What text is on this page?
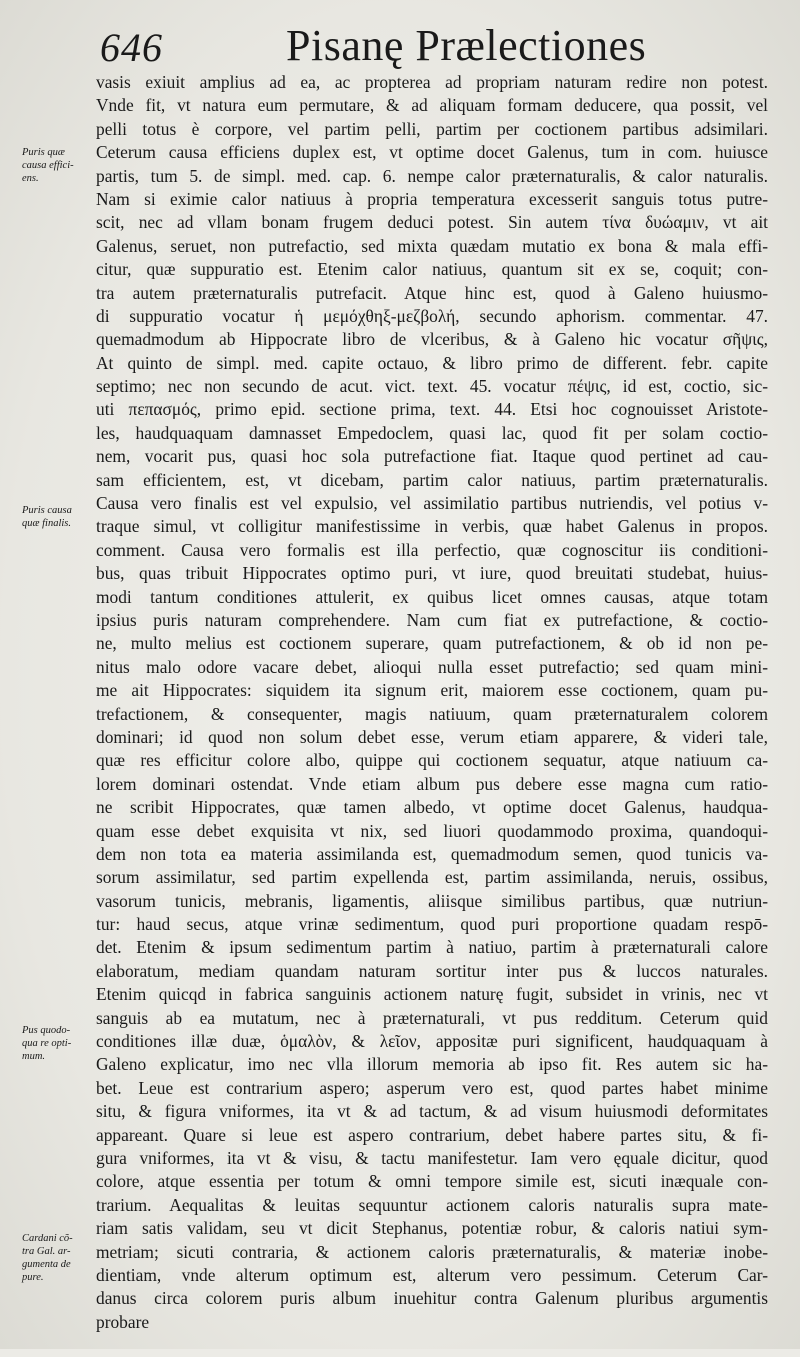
646	Pisanę Prælectiones
Puris quæ
causa effici-
ens.
Puris causa
quæ finalis.
Pus quodo-
qua re opti-
mum.
Cardani cõ-
tra Gal. ar-
gumenta de
pure.
vasis exiuit amplius ad ea, ac propterea ad propriam naturam redire non potest.
Vnde fit, vt natura eum permutare, & ad aliquam formam deducere, qua possit, vel
pelli totus è corpore, vel partim pelli, partim per coctionem partibus adsimilari.
Ceterum causa efficiens duplex est, vt optime docet Galenus, tum in com. huiusce
partis, tum 5. de simpl. med. cap. 6. nempe calor præternaturalis, & calor naturalis.
Nam si eximie calor natiuus à propria temperatura excesserit sanguis totus putre-
scit, nec ad vllam bonam frugem deduci potest. Sin autem τίνα δυώαμιν, vt ait
Galenus, seruet, non putrefactio, sed mixta quædam mutatio ex bona & mala effi-
citur, quæ suppuratio est. Etenim calor natiuus, quantum sit ex se, coquit; con-
tra autem præternaturalis putrefacit. Atque hinc est, quod à Galeno huiusmo-
di suppuratio vocatur ἡ μεμόχθηξ-μεζβολή, secundo aphorism. commentar. 47.
quemadmodum ab Hippocrate libro de vlceribus, & à Galeno hic vocatur σῆψις,
At quinto de simpl. med. capite octauo, & libro primo de different. febr. capite
septimo; nec non secundo de acut. vict. text. 45. vocatur πέψις, id est, coctio, sic-
uti πεπασμός, primo epid. sectione prima, text. 44. Etsi hoc cognouisset Aristote-
les, haudquaquam damnasset Empedoclem, quasi lac, quod fit per solam coctio-
nem, vocarit pus, quasi hoc sola putrefactione fiat. Itaque quod pertinet ad cau-
sam efficientem, est, vt dicebam, partim calor natiuus, partim præternaturalis.
Causa vero finalis est vel expulsio, vel assimilatio partibus nutriendis, vel potius v-
traque simul, vt colligitur manifestissime in verbis, quæ habet Galenus in propos.
comment. Causa vero formalis est illa perfectio, quæ cognoscitur iis conditioni-
bus, quas tribuit Hippocrates optimo puri, vt iure, quod breuitati studebat, huius-
modi tantum conditiones attulerit, ex quibus licet omnes causas, atque totam
ipsius puris naturam comprehendere. Nam cum fiat ex putrefactione, & coctio-
ne, multo melius est coctionem superare, quam putrefactionem, & ob id non pe-
nitus malo odore vacare debet, alioqui nulla esset putrefactio; sed quam mini-
me ait Hippocrates: siquidem ita signum erit, maiorem esse coctionem, quam pu-
trefactionem, & consequenter, magis natiuum, quam præternaturalem colorem
dominari; id quod non solum debet esse, verum etiam apparere, & videri tale,
quæ res efficitur colore albo, quippe qui coctionem sequatur, atque natiuum ca-
lorem dominari ostendat. Vnde etiam album pus debere esse magna cum ratio-
ne scribit Hippocrates, quæ tamen albedo, vt optime docet Galenus, haudqua-
quam esse debet exquisita vt nix, sed liuori quodammodo proxima, quandoqui-
dem non tota ea materia assimilanda est, quemadmodum semen, quod tunicis va-
sorum assimilatur, sed partim expellenda est, partim assimilanda, neruis, ossibus,
vasorum tunicis, mebranis, ligamentis, aliisque similibus partibus, quæ nutriun-
tur: haud secus, atque vrinæ sedimentum, quod puri proportione quadam respō-
det. Etenim & ipsum sedimentum partim à natiuo, partim à præternaturali calore
elaboratum, mediam quandam naturam sortitur inter pus & luccos naturales.
Etenim quicqd in fabrica sanguinis actionem naturę fugit, subsidet in vrinis, nec vt
sanguis ab ea mutatum, nec à præternaturali, vt pus redditum. Ceterum quid
conditiones illæ duæ, ὁμαλὸν, & λεῖον, appositæ puri significent, haudquaquam à
Galeno explicatur, imo nec vlla illorum memoria ab ipso fit. Res autem sic ha-
bet. Leue est contrarium aspero; asperum vero est, quod partes habet minime
situ, & figura vniformes, ita vt & ad tactum, & ad visum huiusmodi deformitates
appareant. Quare si leue est aspero contrarium, debet habere partes situ, & fi-
gura vniformes, ita vt & visu, & tactu manifestetur. Iam vero ęquale dicitur, quod
colore, atque essentia per totum & omni tempore simile est, sicuti inæquale con-
trarium. Aequalitas & leuitas sequuntur actionem caloris naturalis supra mate-
riam satis validam, seu vt dicit Stephanus, potentiæ robur, & caloris natiui sym-
metriam; sicuti contraria, & actionem caloris præternaturalis, & materiæ inobe-
dientiam, vnde alterum optimum est, alterum vero pessimum. Ceterum Car-
danus circa colorem puris album inuehitur contra Galenum pluribus argumentis
probare
